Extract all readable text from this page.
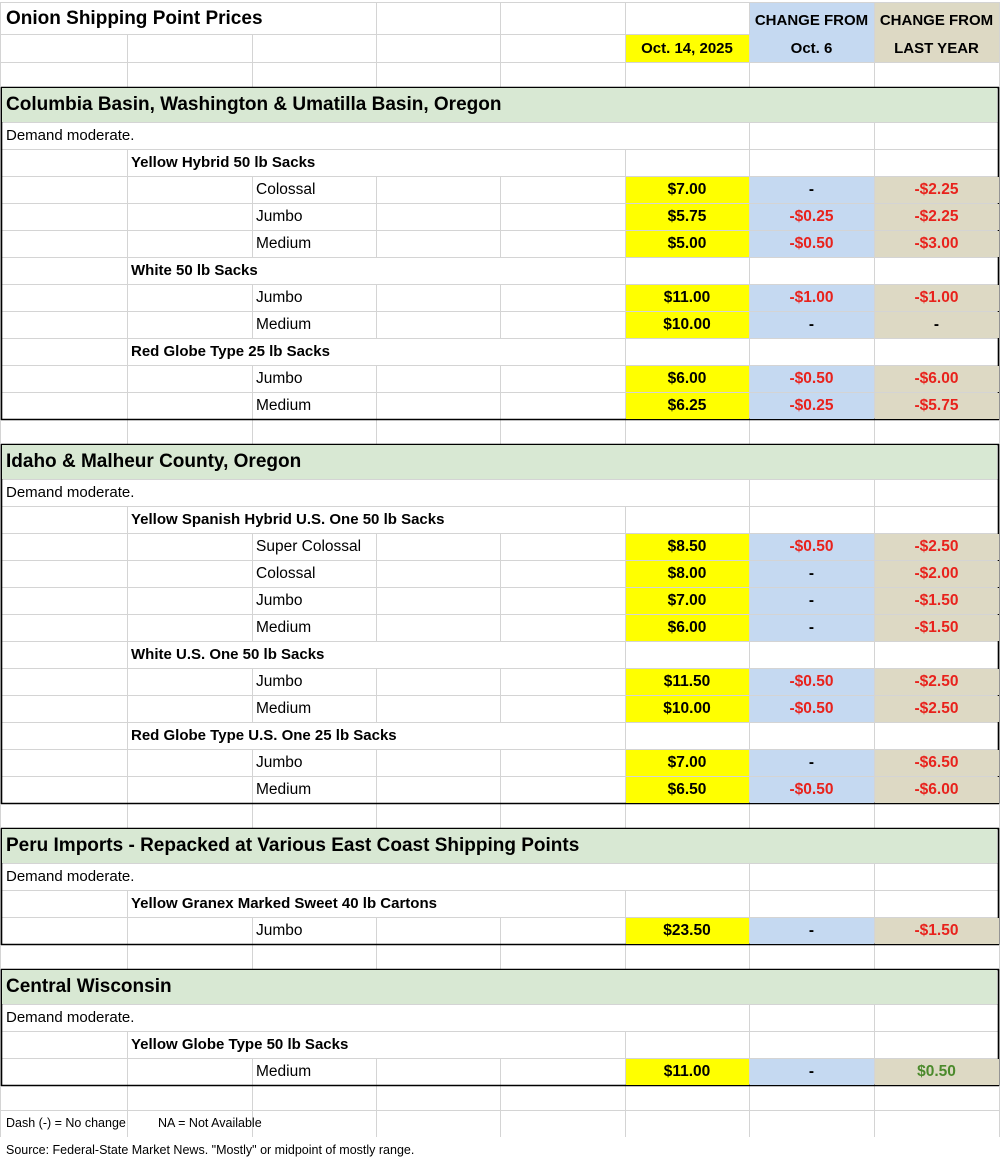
Onion Shipping Point Prices	CHANGE FROM CHANGE FROM
Oct. 14, 2025	Oct. 6	LAST YEAR
Columbia Basin, Washington & Umatilla Basin, Oregon
Demand moderate.
Yellow Hybrid 50 lb Sacks
Colossal	$7.00	-	-$2.25
Jumbo	$5.75	-$0.25	-$2.25
Medium	$5.00	-$0.50	-$3.00
White 50 lb Sacks
Jumbo	$11.00	-$1.00	-$1.00
Medium	$10.00	-	-
Red Globe Type 25 lb Sacks
Jumbo	$6.00	-$0.50	-$6.00
Medium	$6.25	-$0.25	-$5.75
Idaho & Malheur County, Oregon
Demand moderate.
Yellow Spanish Hybrid U.S. One 50 lb Sacks
Super Colossal	$8.50	-$0.50	-$2.50
Colossal	$8.00	-	-$2.00
Jumbo	$7.00	-	-$1.50
Medium	$6.00	-	-$1.50
White U.S. One 50 lb Sacks
Jumbo	$11.50	-$0.50	-$2.50
Medium	$10.00	-$0.50	-$2.50
Red Globe Type U.S. One 25 lb Sacks
Jumbo	$7.00	-	-$6.50
Medium	$6.50	-$0.50	-$6.00
Peru Imports - Repacked at Various East Coast Shipping Points
Demand moderate.
Yellow Granex Marked Sweet 40 lb Cartons
Jumbo	$23.50	-	-$1.50
Central Wisconsin
Demand moderate.
Yellow Globe Type 50 lb Sacks
Medium	$11.00	-	$0.50
Dash (-) = No change	NA = Not Available
Source: Federal-State Market News. "Mostly" or midpoint of mostly range.
